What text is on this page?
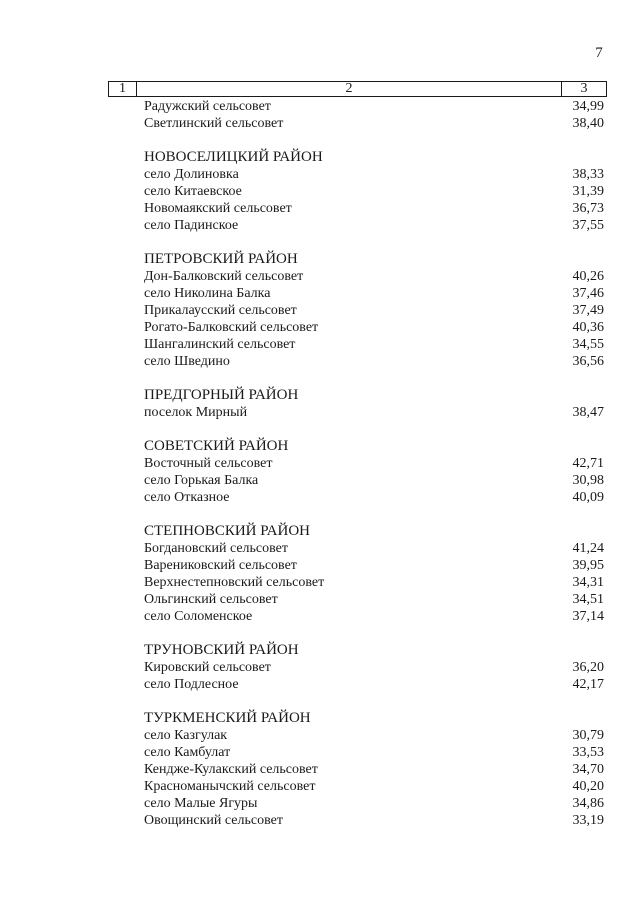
7
1	2	3
Радужский сельсовет	34,99
Светлинский сельсовет	38,40
НОВОСЕЛИЦКИЙ РАЙОН
село Долиновка	38,33
село Китаевское	31,39
Новомаякский сельсовет	36,73
село Падинское	37,55
ПЕТРОВСКИЙ РАЙОН
Дон-Балковский сельсовет	40,26
село Николина Балка	37,46
Прикалаусский сельсовет	37,49
Рогато-Балковский сельсовет	40,36
Шангалинский сельсовет	34,55
село Шведино	36,56
ПРЕДГОРНЫЙ РАЙОН
поселок Мирный	38,47
СОВЕТСКИЙ РАЙОН
Восточный сельсовет	42,71
село Горькая Балка	30,98
село Отказное	40,09
СТЕПНОВСКИЙ РАЙОН
Богдановский сельсовет	41,24
Варениковский сельсовет	39,95
Верхнестепновский сельсовет	34,31
Ольгинский сельсовет	34,51
село Соломенское	37,14
ТРУНОВСКИЙ РАЙОН
Кировский сельсовет	36,20
село Подлесное	42,17
ТУРКМЕНСКИЙ РАЙОН
село Казгулак	30,79
село Камбулат	33,53
Кендже-Кулакский сельсовет	34,70
Красноманычский сельсовет	40,20
село Малые Ягуры	34,86
Овощинский сельсовет	33,19
